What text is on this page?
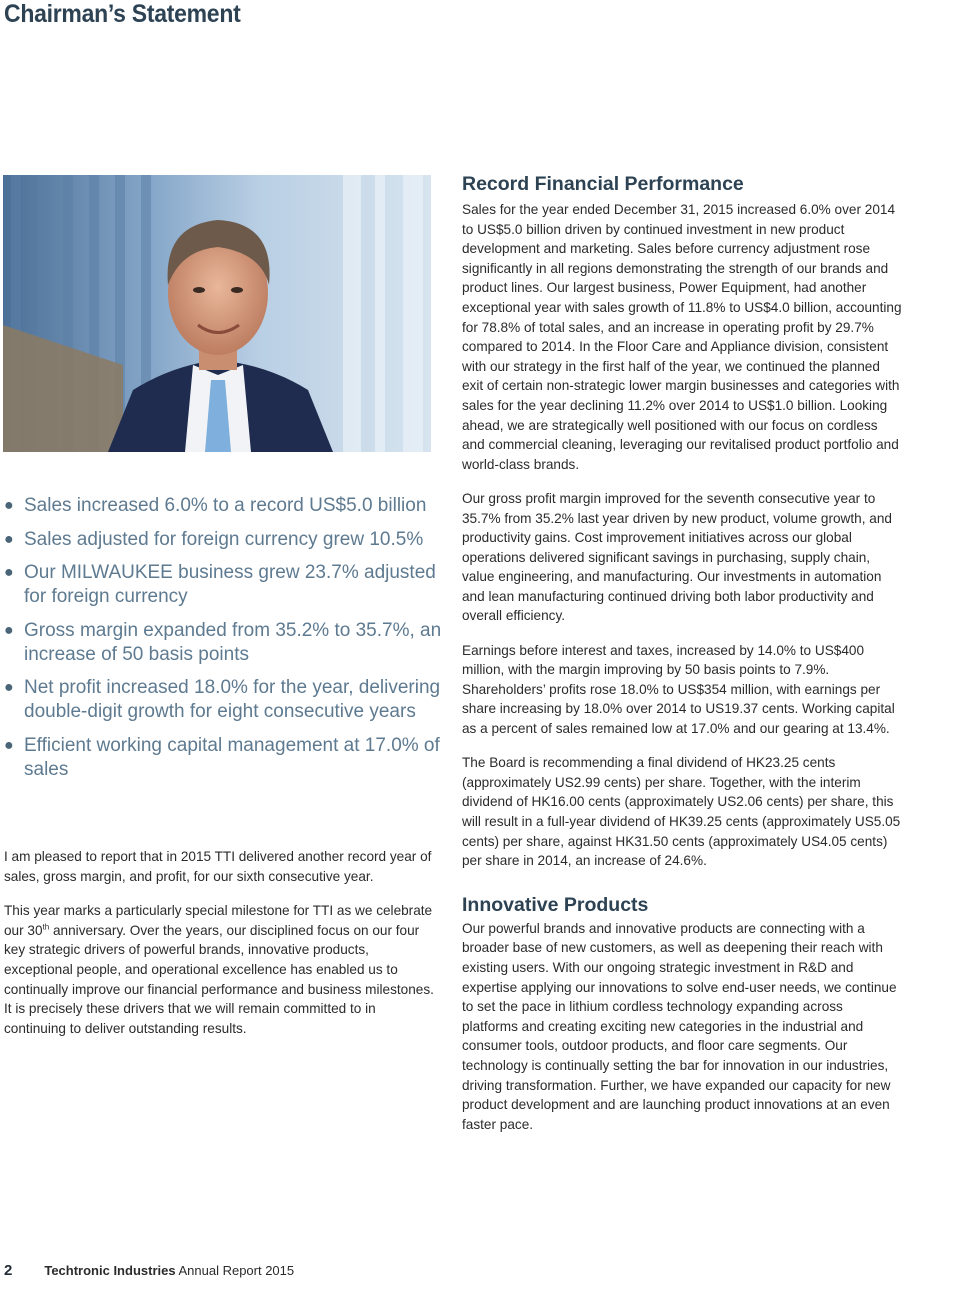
Chairman’s Statement
● Sales increased 6.0% to a record US$5.0 billion
● Sales adjusted for foreign currency grew 10.5%
● Our MILWAUKEE business grew 23.7% adjusted for foreign currency
● Gross margin expanded from 35.2% to 35.7%, an increase of 50 basis points
● Net profit increased 18.0% for the year, delivering double-digit growth for eight consecutive years
● Efficient working capital management at 17.0% of sales

I am pleased to report that in 2015 TTI delivered another record year of sales, gross margin, and profit, for our sixth consecutive year.

This year marks a particularly special milestone for TTI as we celebrate our 30th anniversary. Over the years, our disciplined focus on our four key strategic drivers of powerful brands, innovative products, exceptional people, and operational excellence has enabled us to continually improve our financial performance and business milestones. It is precisely these drivers that we will remain committed to in continuing to deliver outstanding results.

Record Financial Performance

Sales for the year ended December 31, 2015 increased 6.0% over 2014 to US$5.0 billion driven by continued investment in new product development and marketing. Sales before currency adjustment rose significantly in all regions demonstrating the strength of our brands and product lines. Our largest business, Power Equipment, had another exceptional year with sales growth of 11.8% to US$4.0 billion, accounting for 78.8% of total sales, and an increase in operating profit by 29.7% compared to 2014. In the Floor Care and Appliance division, consistent with our strategy in the first half of the year, we continued the planned exit of certain non-strategic lower margin businesses and categories with sales for the year declining 11.2% over 2014 to US$1.0 billion. Looking ahead, we are strategically well positioned with our focus on cordless and commercial cleaning, leveraging our revitalised product portfolio and world-class brands.

Our gross profit margin improved for the seventh consecutive year to 35.7% from 35.2% last year driven by new product, volume growth, and productivity gains. Cost improvement initiatives across our global operations delivered significant savings in purchasing, supply chain, value engineering, and manufacturing. Our investments in automation and lean manufacturing continued driving both labor productivity and overall efficiency.

Earnings before interest and taxes, increased by 14.0% to US$400 million, with the margin improving by 50 basis points to 7.9%. Shareholders’ profits rose 18.0% to US$354 million, with earnings per share increasing by 18.0% over 2014 to US19.37 cents. Working capital as a percent of sales remained low at 17.0% and our gearing at 13.4%.

The Board is recommending a final dividend of HK23.25 cents (approximately US2.99 cents) per share. Together, with the interim dividend of HK16.00 cents (approximately US2.06 cents) per share, this will result in a full-year dividend of HK39.25 cents (approximately US5.05 cents) per share, against HK31.50 cents (approximately US4.05 cents) per share in 2014, an increase of 24.6%.

Innovative Products

Our powerful brands and innovative products are connecting with a broader base of new customers, as well as deepening their reach with existing users. With our ongoing strategic investment in R&D and expertise applying our innovations to solve end-user needs, we continue to set the pace in lithium cordless technology expanding across platforms and creating exciting new categories in the industrial and consumer tools, outdoor products, and floor care segments. Our technology is continually setting the bar for innovation in our industries, driving transformation. Further, we have expanded our capacity for new product development and are launching product innovations at an even faster pace.

2 Techtronic Industries Annual Report 2015
